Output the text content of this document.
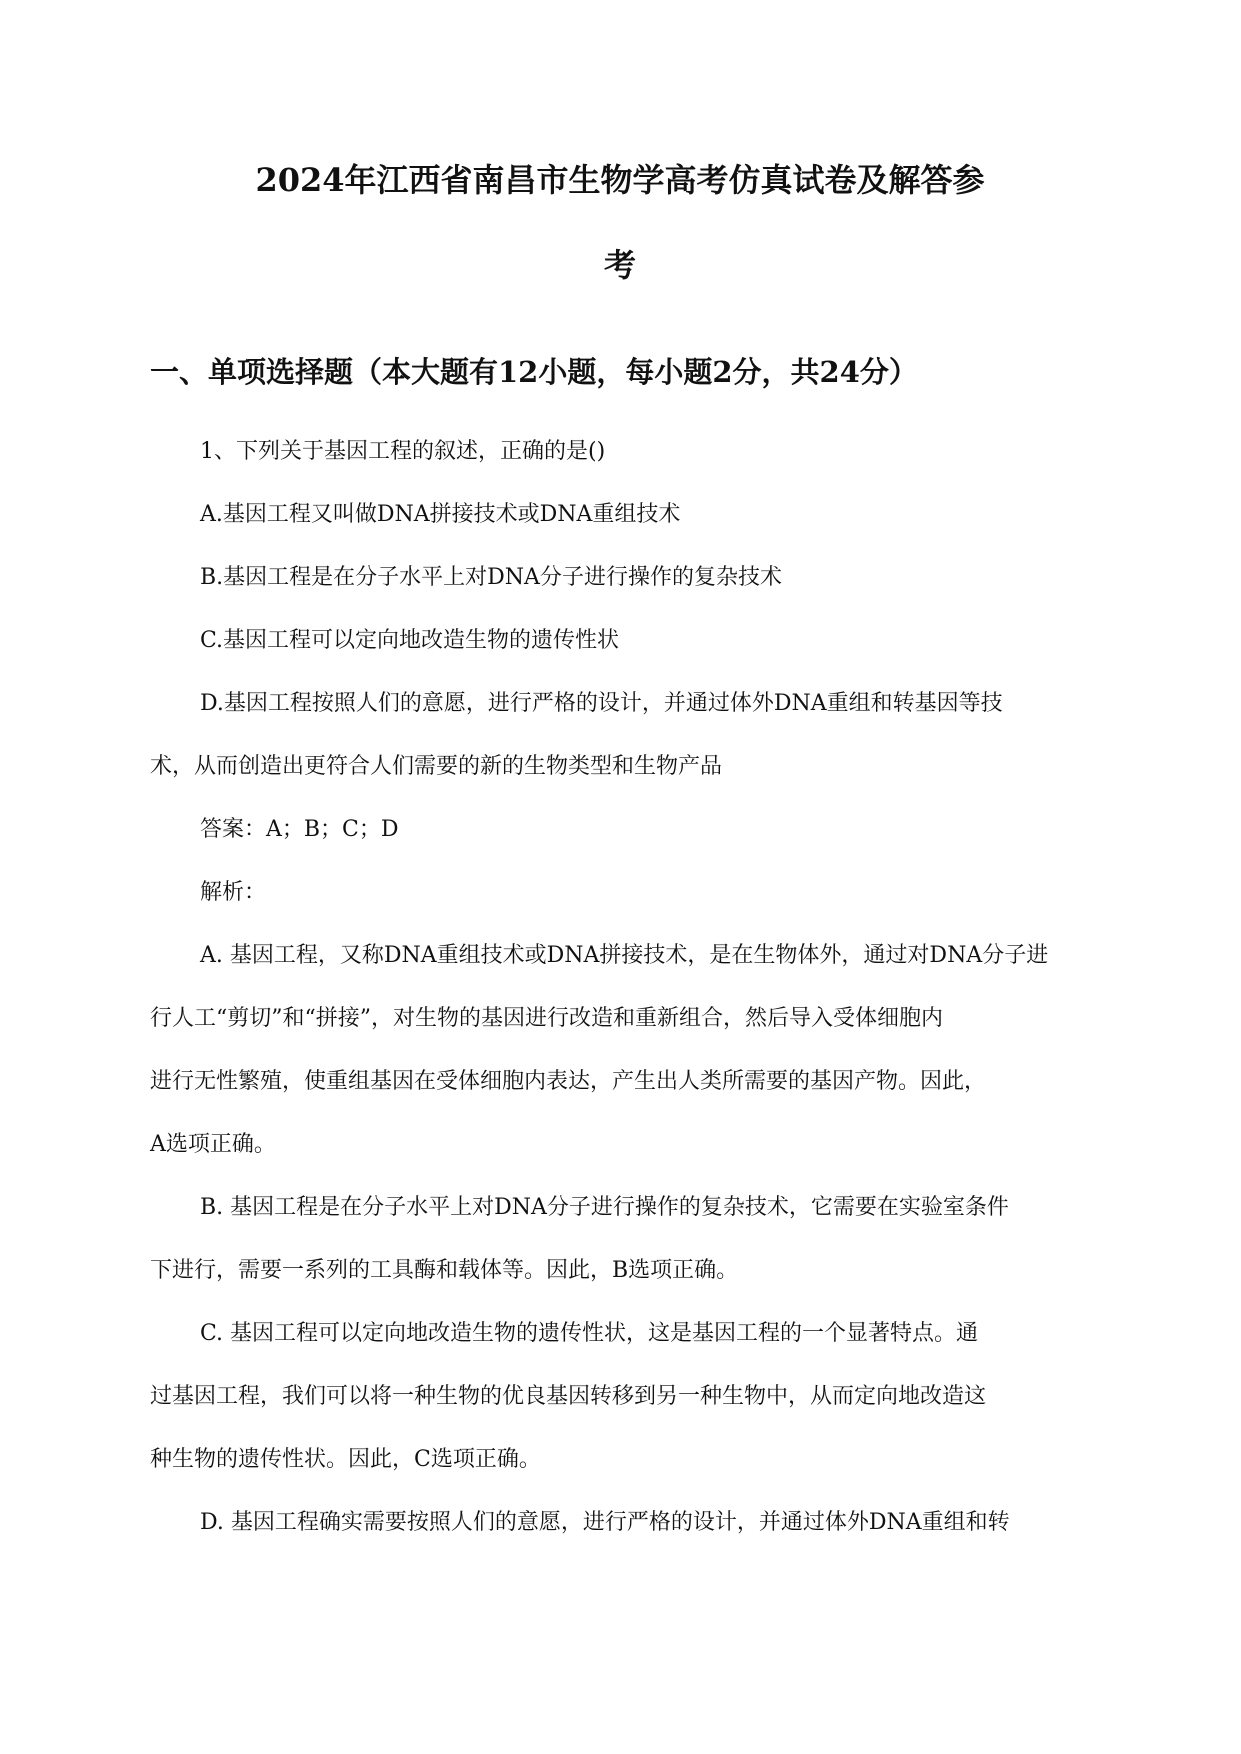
2024年江西省南昌市生物学高考仿真试卷及解答参
考
一、单项选择题（本大题有12小题，每小题2分，共24分）
1、下列关于基因工程的叙述，正确的是()
A.基因工程又叫做DNA拼接技术或DNA重组技术
B.基因工程是在分子水平上对DNA分子进行操作的复杂技术
C.基因工程可以定向地改造生物的遗传性状
D.基因工程按照人们的意愿，进行严格的设计，并通过体外DNA重组和转基因等技
术，从而创造出更符合人们需要的新的生物类型和生物产品
答案：A；B；C；D
解析：
A. 基因工程，又称DNA重组技术或DNA拼接技术，是在生物体外，通过对DNA分子进
行人工“剪切”和“拼接”，对生物的基因进行改造和重新组合，然后导入受体细胞内
进行无性繁殖，使重组基因在受体细胞内表达，产生出人类所需要的基因产物。因此，
A选项正确。
B. 基因工程是在分子水平上对DNA分子进行操作的复杂技术，它需要在实验室条件
下进行，需要一系列的工具酶和载体等。因此，B选项正确。
C. 基因工程可以定向地改造生物的遗传性状，这是基因工程的一个显著特点。通
过基因工程，我们可以将一种生物的优良基因转移到另一种生物中，从而定向地改造这
种生物的遗传性状。因此，C选项正确。
D. 基因工程确实需要按照人们的意愿，进行严格的设计，并通过体外DNA重组和转
